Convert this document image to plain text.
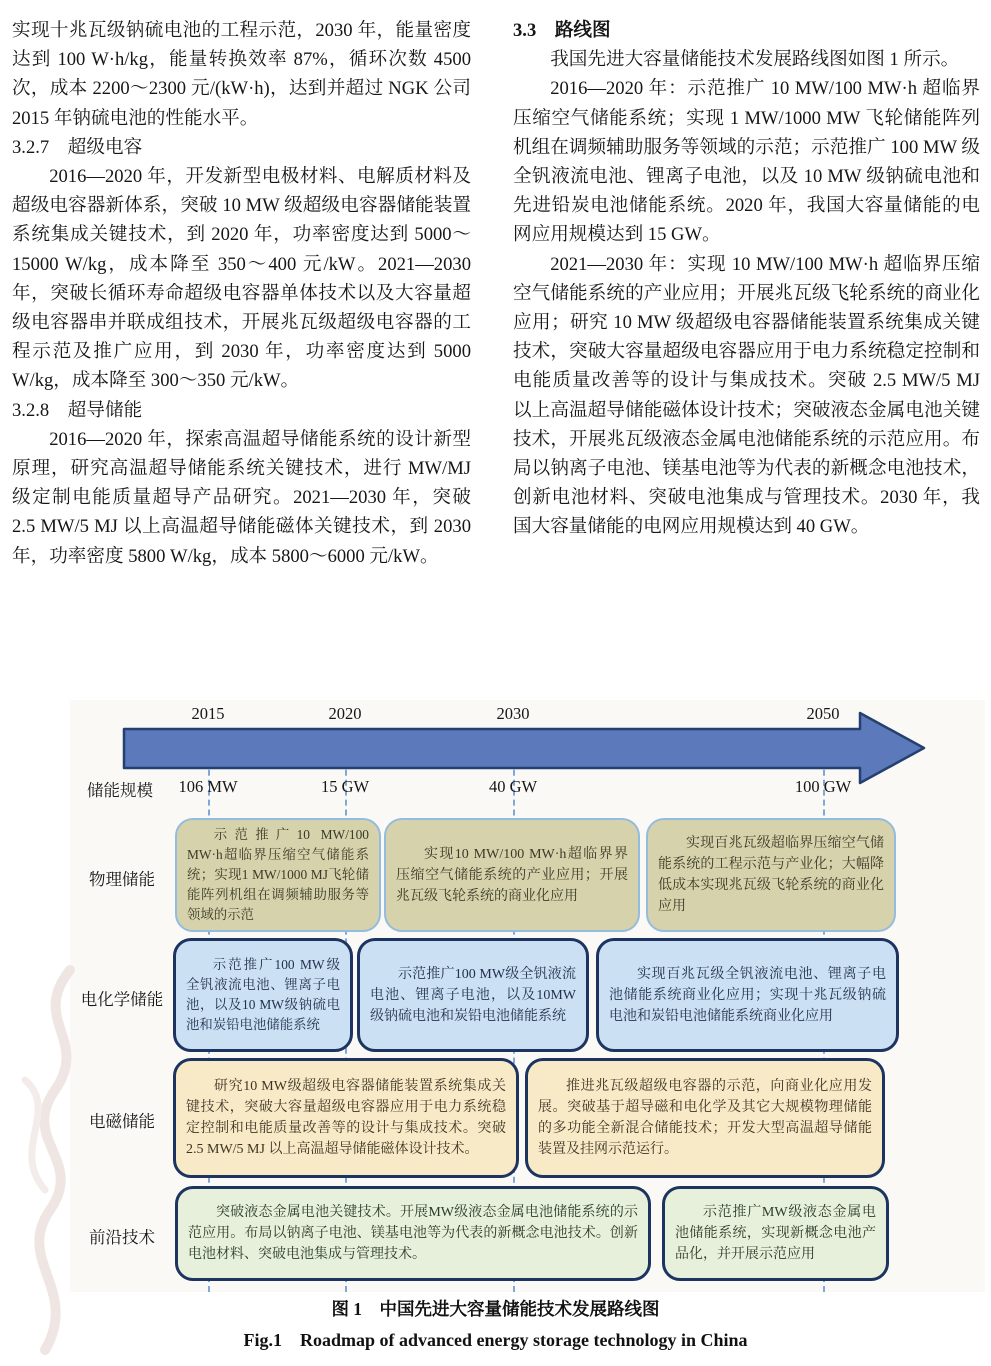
实现十兆瓦级钠硫电池的工程示范，2030 年，能量密度达到 100 W·h/kg，能量转换效率 87%，循环次数 4500 次，成本 2200～2300 元/(kW·h)，达到并超过 NGK 公司 2015 年钠硫电池的性能水平。

3.2.7　超级电容

2016—2020 年，开发新型电极材料、电解质材料及超级电容器新体系，突破 10 MW 级超级电容器储能装置系统集成关键技术，到 2020 年，功率密度达到 5000～15000 W/kg，成本降至 350～400 元/kW。2021—2030 年，突破长循环寿命超级电容器单体技术以及大容量超级电容器串并联成组技术，开展兆瓦级超级电容器的工程示范及推广应用，到 2030 年，功率密度达到 5000 W/kg，成本降至 300～350 元/kW。

3.2.8　超导储能

2016—2020 年，探索高温超导储能系统的设计新型原理，研究高温超导储能系统关键技术，进行 MW/MJ 级定制电能质量超导产品研究。2021—2030 年，突破 2.5 MW/5 MJ 以上高温超导储能磁体关键技术，到 2030 年，功率密度 5800 W/kg，成本 5800～6000 元/kW。

3.3　路线图

我国先进大容量储能技术发展路线图如图 1 所示。

2016—2020 年：示范推广 10 MW/100 MW·h 超临界压缩空气储能系统；实现 1 MW/1000 MW 飞轮储能阵列机组在调频辅助服务等领域的示范；示范推广 100 MW 级全钒液流电池、锂离子电池，以及 10 MW 级钠硫电池和先进铅炭电池储能系统。2020 年，我国大容量储能的电网应用规模达到 15 GW。

2021—2030 年：实现 10 MW/100 MW·h 超临界压缩空气储能系统的产业应用；开展兆瓦级飞轮系统的商业化应用；研究 10 MW 级超级电容器储能装置系统集成关键技术，突破大容量超级电容器应用于电力系统稳定控制和电能质量改善等的设计与集成技术。突破 2.5 MW/5 MJ 以上高温超导储能磁体设计技术；突破液态金属电池关键技术，开展兆瓦级液态金属电池储能系统的示范应用。布局以钠离子电池、镁基电池等为代表的新概念电池技术，创新电池材料、突破电池集成与管理技术。2030 年，我国大容量储能的电网应用规模达到 40 GW。

2015	2020	2030	2050
储能规模	106 MW	15 GW	40 GW	100 GW
物理储能
电化学储能
电磁储能
前沿技术
示范推广10 MW/100 MW·h超临界压缩空气储能系统；实现1 MW/1000 MJ飞轮储能阵列机组在调频辅助服务等领域的示范
实现10 MW/100 MW·h超临界界压缩空气储能系统的产业应用；开展兆瓦级飞轮系统的商业化应用
实现百兆瓦级超临界压缩空气储能系统的工程示范与产业化；大幅降低成本实现兆瓦级飞轮系统的商业化应用
示范推广100 MW级全钒液流电池、锂离子电池，以及10 MW级钠硫电池和炭铅电池储能系统
示范推广100 MW级全钒液流电池、锂离子电池，以及10MW级钠硫电池和炭铅电池储能系统
实现百兆瓦级全钒液流电池、锂离子电池储能系统商业化应用；实现十兆瓦级钠硫电池和炭铅电池储能系统商业化应用
研究10 MW级超级电容器储能装置系统集成关键技术，突破大容量超级电容器应用于电力系统稳定控制和电能质量改善等的设计与集成技术。突破2.5 MW/5 MJ 以上高温超导储能磁体设计技术。
推进兆瓦级超级电容器的示范，向商业化应用发展。突破基于超导磁和电化学及其它大规模物理储能的多功能全新混合储能技术；开发大型高温超导储能装置及挂网示范运行。
突破液态金属电池关键技术。开展MW级液态金属电池储能系统的示范应用。布局以钠离子电池、镁基电池等为代表的新概念电池技术。创新电池材料、突破电池集成与管理技术。
示范推广MW级液态金属电池储能系统，实现新概念电池产品化，并开展示范应用
图 1　中国先进大容量储能技术发展路线图
Fig.1　Roadmap of advanced energy storage technology in China
